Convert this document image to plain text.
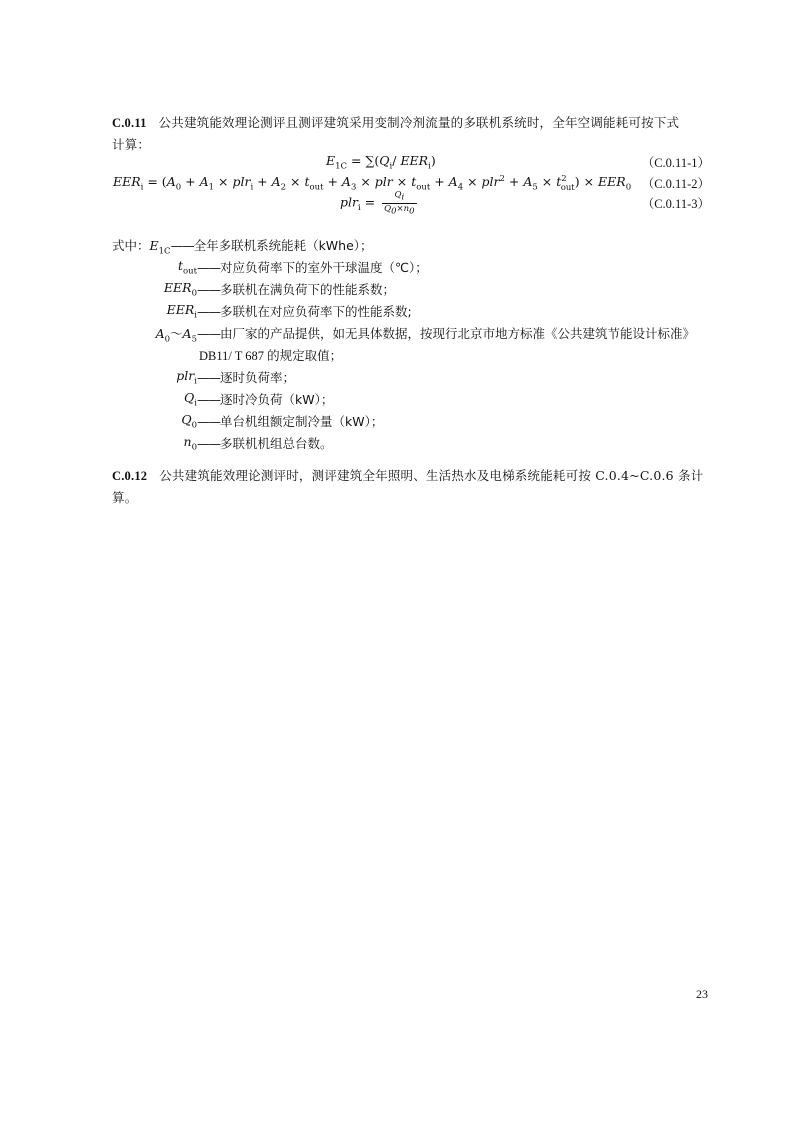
C.0.11 公共建筑能效理论测评且测评建筑采用变制冷剂流量的多联机系统时，全年空调能耗可按下式
计算：
$E_{1C} = \sum(Q_i/$ $EER_i$)	（C.0.11-1）
$EER_i = (A_0 + A_1 \times plr_i + A_2 \times t_{out} + A_3$ × plr × $t_{out} + A_4 \times plr^2 + A_5 \times t^2_{out}) \times EER_0$ （C.0.11-2）
$plr_i = \frac{Q_i}{Q_0\times n_0}$	（C.0.11-3）
式中：$E_{1C}——$全年多联机系统能耗（kWhe）；
$t_{out}$ ——对应负荷率下的室外干球温度（℃）；
$EER_0$ ——多联机在满负荷下的性能系数；
$EER_i$ ——多联机在对应负荷率下的性能系数;
$A_0\sim A_5$ ——由厂家的产品提供，如无具体数据，按现行北京市地方标准《公共建筑节能设计标准》
DB11/ T 687 的规定取值；
plr$_i$ ——逐时负荷率；
$Q_i$ ——逐时冷负荷（kW）；
$Q_0$ ——单台机组额定制冷量（kW）；
$n_0$ ——多联机机组总台数。
C.0.12 公共建筑能效理论测评时，测评建筑全年照明、生活热水及电梯系统能耗可按 C.0.4~C.0.6 条计
算。
23
